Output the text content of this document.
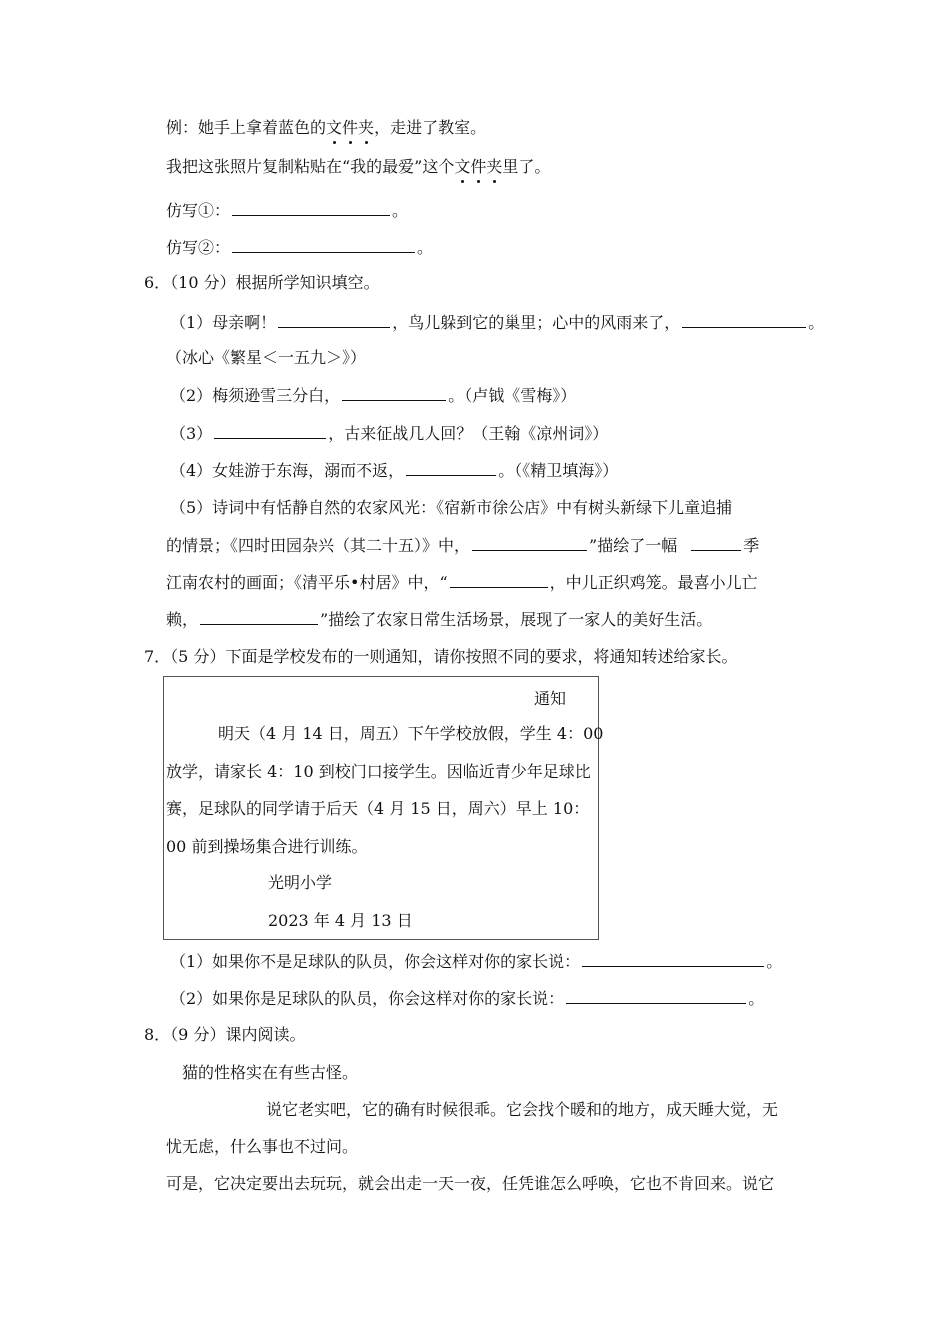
例：她手上拿着蓝色的文件夹，走进了教室。
我把这张照片复制粘贴在“我的最爱”这个文件夹里了。
仿写①：	。
仿写②：	。
6．（10 分）根据所学知识填空。
（1）母亲啊！	，鸟儿躲到它的巢里；心中的风雨来了，	。
（冰心《繁星＜一五九＞》）
（2）梅须逊雪三分白，	。（卢钺《雪梅》）
（3）	，古来征战几人回？（王翰《凉州词》）
（4）女娃游于东海，溺而不返，	。（《精卫填海》）
（5）诗词中有恬静自然的农家风光：《宿新市徐公店》中有树头新绿下儿童追捕
的情景；《四时田园杂兴（其二十五）》中，	”描绘了一幅	季
江南农村的画面；《清平乐•村居》中，“	，中儿正织鸡笼。最喜小儿亡
赖，	”描绘了农家日常生活场景，展现了一家人的美好生活。
7．（5 分）下面是学校发布的一则通知，请你按照不同的要求，将通知转述给家长。
通知
明天（4 月 14 日，周五）下午学校放假，学生 4：00
放学，请家长 4：10 到校门口接学生。因临近青少年足球比
赛，足球队的同学请于后天（4 月 15 日，周六）早上 10：
00 前到操场集合进行训练。
光明小学
2023 年 4 月 13 日
（1）如果你不是足球队的队员，你会这样对你的家长说：	。
（2）如果你是足球队的队员，你会这样对你的家长说：	。
8．（9 分）课内阅读。
猫的性格实在有些古怪。
说它老实吧，它的确有时候很乖。它会找个暖和的地方，成天睡大觉，无
忧无虑，什么事也不过问。
可是，它决定要出去玩玩，就会出走一天一夜，任凭谁怎么呼唤，它也不肯回来。说它
